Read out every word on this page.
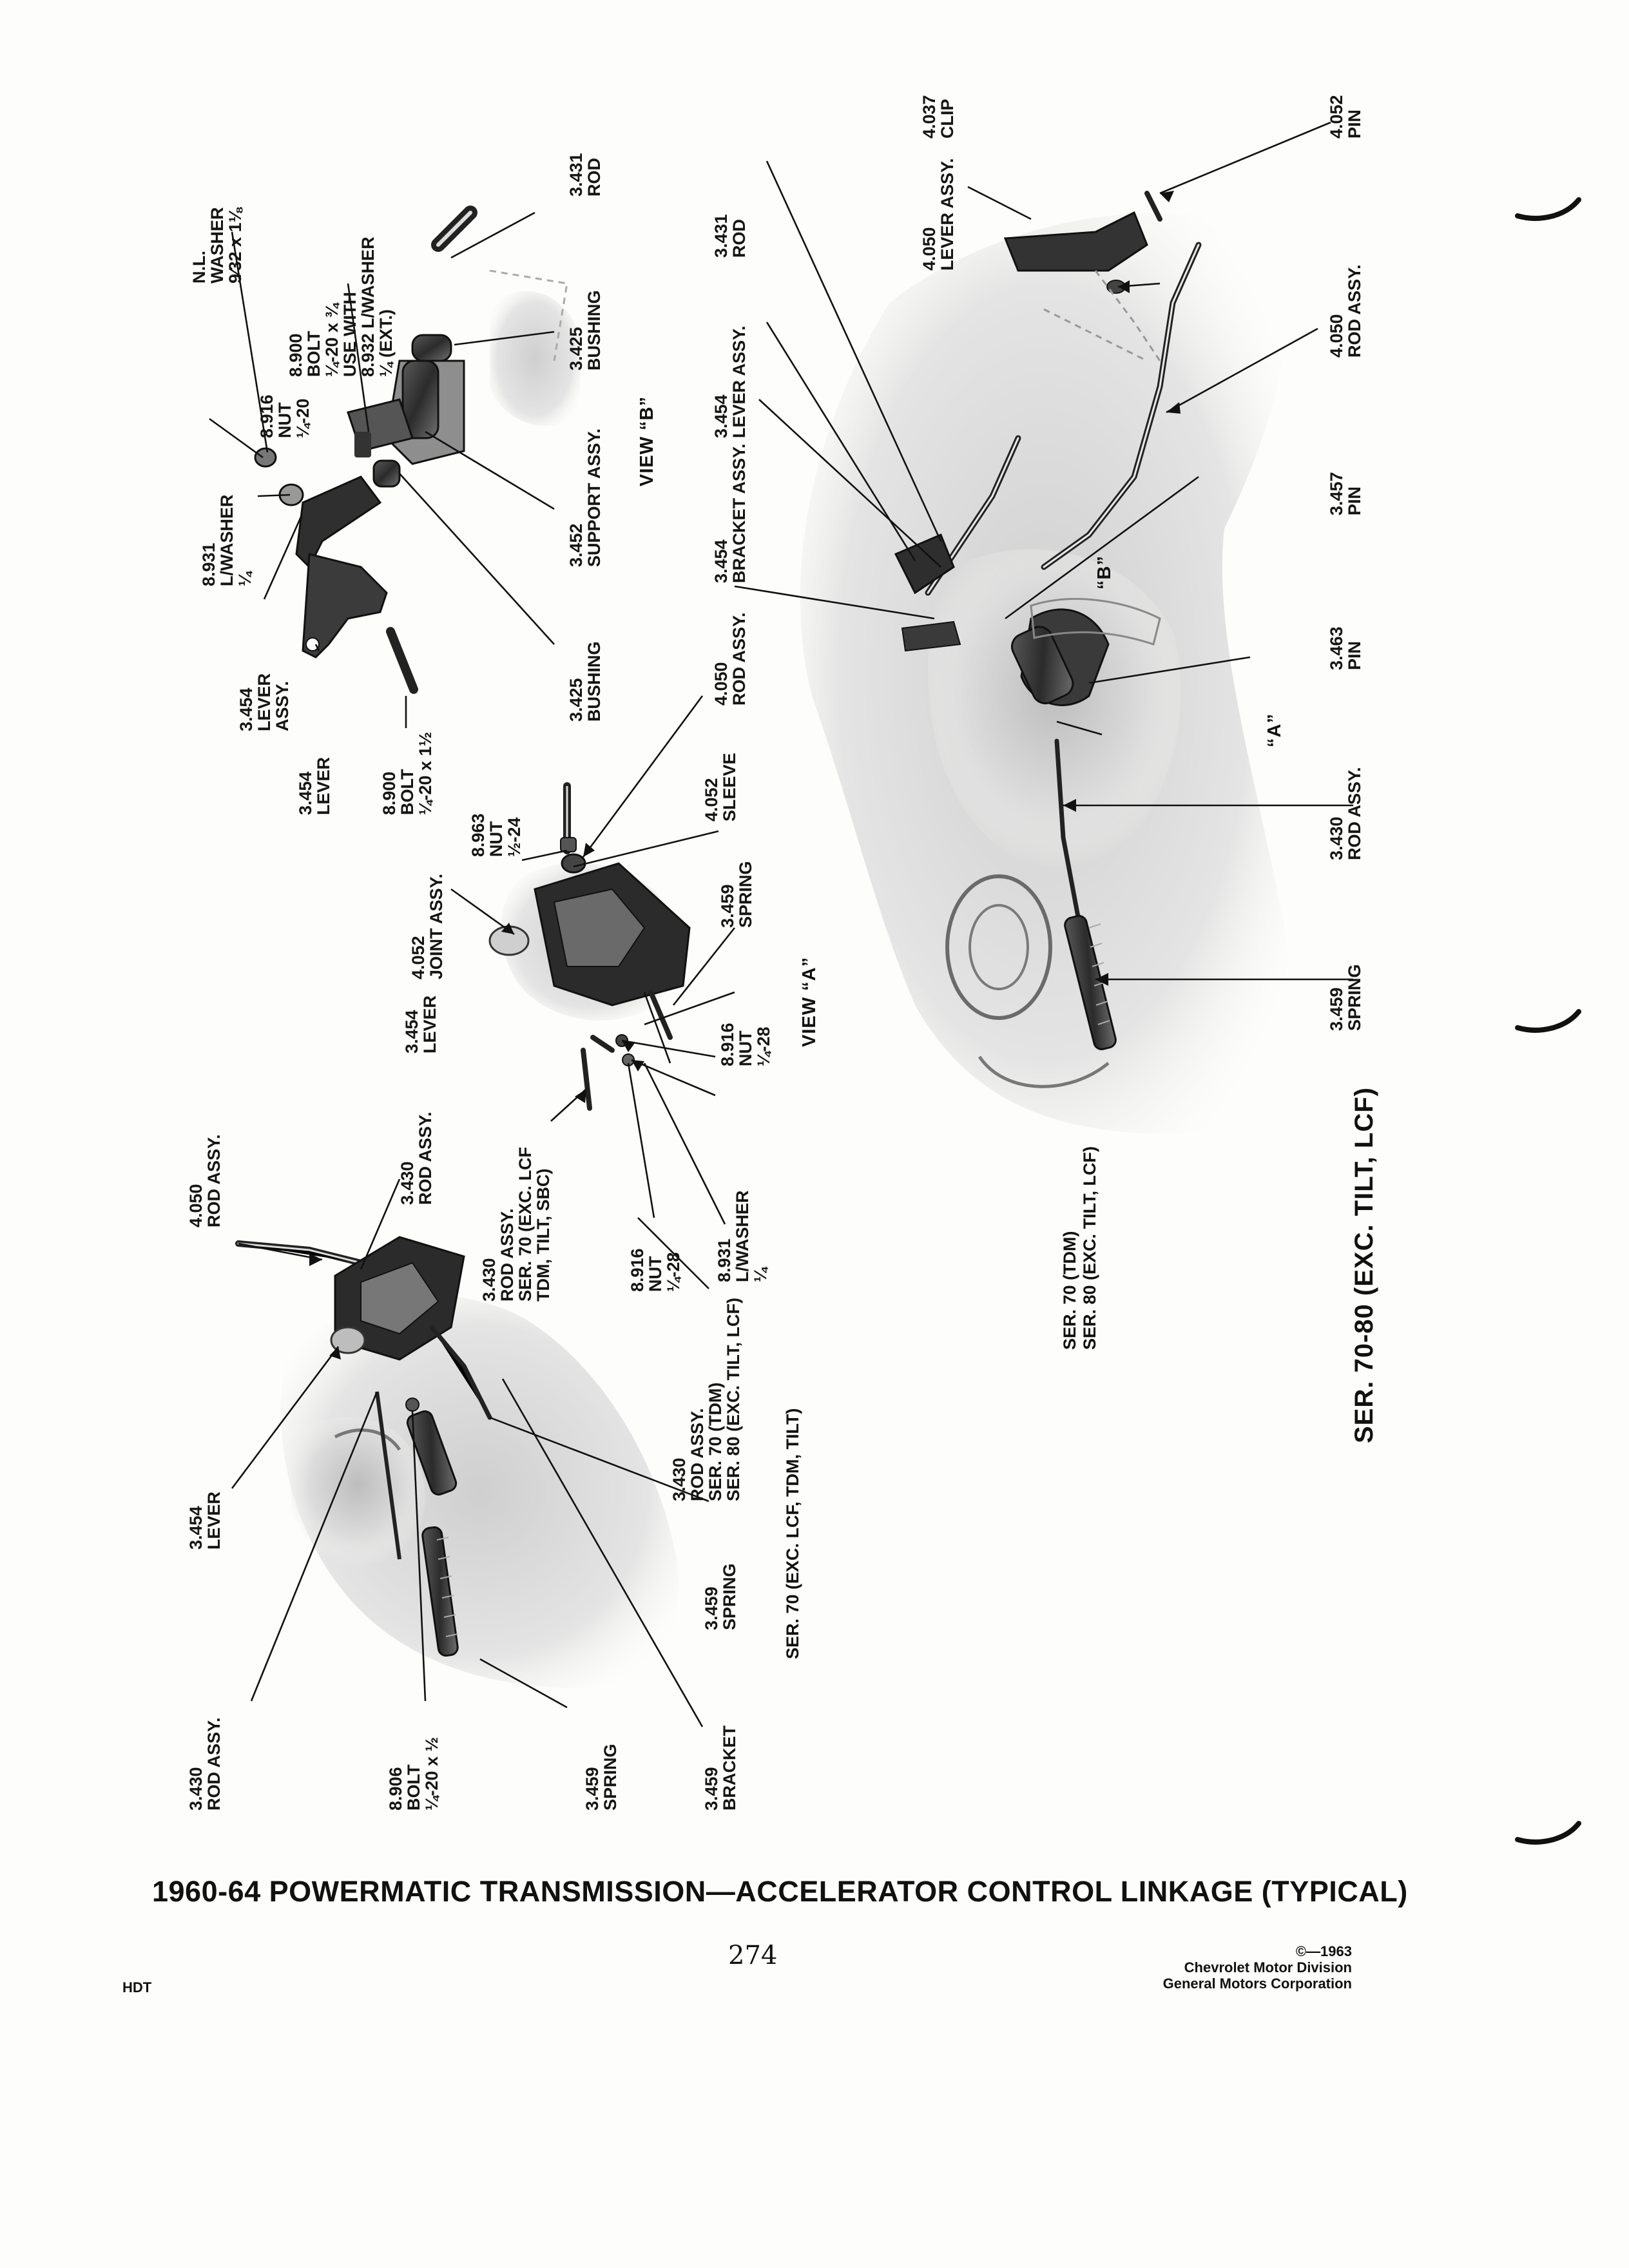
N.L.
WASHER
9⁄32 x 1⅛
8.916
NUT
¼-20
8.900
BOLT
¼-20 x ¾
USE WITH
8.932 L/WASHER
¼ (EXT.)
3.431
ROD
3.425
BUSHING
3.452
SUPPORT ASSY.
3.425
BUSHING
8.931
L/WASHER
¼
3.454
LEVER
ASSY.
3.454
LEVER	8.900
BOLT
¼-20 x 1½
VIEW “B”
8.963
NUT
½-24
4.052
JOINT ASSY.
3.454
LEVER
4.052
SLEEVE
3.459
SPRING
8.916
NUT
¼-28
4.050
ROD ASSY.
3.430
ROD ASSY.
SER. 70 (EXC. LCF
TDM, TILT, SBC)	8.916
NUT
¼-28 8.931
L/WASHER
¼
VIEW “A”
4.050
ROD ASSY.	3.430
ROD ASSY.
3.454
LEVER
3.430
ROD ASSY.	8.906
BOLT
¼-20 x ½	3.459
SPRING	3.459
BRACKET
3.459
SPRING
3.430
ROD ASSY.
SER. 70 (TDM)
SER. 80 (EXC. TILT, LCF)
SER. 70 (EXC. LCF, TDM, TILT)
4.050
LEVER ASSY.
4.037
CLIP	4.052
PIN
3.431
ROD
3.454
LEVER ASSY.
3.454
BRACKET ASSY.
4.050
ROD ASSY.
3.457
PIN
3.463
PIN
3.430
ROD ASSY.
3.459
SPRING
“B”
“A”
SER. 70 (TDM) SER. 80 (EXC. TILT, LCF)	SER. 70-80 (EXC. TILT, LCF)
1960-64 POWERMATIC TRANSMISSION—ACCELERATOR CONTROL LINKAGE (TYPICAL)
274	©—1963
Chevrolet Motor Division
General Motors Corporation
HDT
